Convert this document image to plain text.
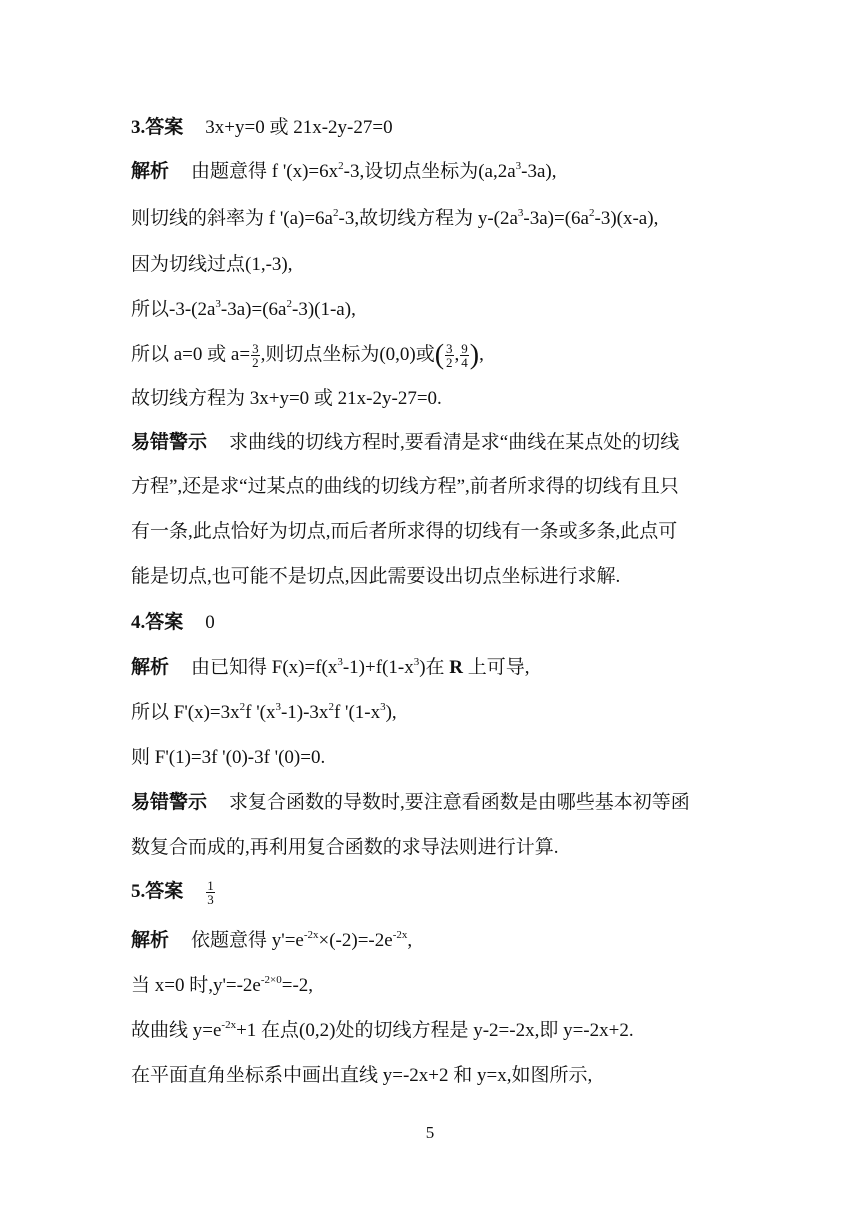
3.答案 3x+y=0 或 21x-2y-27=0
解析 由题意得 f '$(x)=6x^2-3$,设切点坐标为$(a,2a^3-3a)$,
则切线的斜率为 f '$(a)=6a^2-3$,故切线方程为 $y-(2a^3-3a)=(6a^2-3)(x-a)$,
因为切线过点(1,-3),
所以$-3-(2a^3-3a)=(6a^2-3)(1-a)$,
所以 a=0 或 $a= \frac{3}{2}$ ,则切点坐标为(0,0)或( $\frac{3}{2}$ , $\frac{9}{4}$ ),
故切线方程为 3x+y=0 或 21x-2y-27=0.
易错警示 求曲线的切线方程时,要看清是求“曲线在某点处的切线
方程”,还是求“过某点的曲线的切线方程”,前者所求得的切线有且只
有一条,此点恰好为切点,而后者所求得的切线有一条或多条,此点可
能是切点,也可能不是切点,因此需要设出切点坐标进行求解.
4.答案 0
解析 由已知得 $F(x)=f(x^3-1)+f(1-x^3)$在 R 上可导,
所以 $F'(x)=3x^2f$ '$(x^3-1)-3x^2f$ '$(1-x^3)$,
则 F'(1)=3f '(0)-3f '(0)=0.
易错警示 求复合函数的导数时,要注意看函数是由哪些基本初等函
数复合而成的,再利用复合函数的求导法则进行计算.
5.答案 $\frac{1}{3}$
解析 依题意得 $y'=e^{-2x}\times(-2)=-2e^{-2x}$,
当 x=0 时$,y'=-2e^{-2\times 0}=-2$,
故曲线 $y=e^{-2x}+1$ 在点(0,2)处的切线方程是 y-2=-2x,即 y=-2x+2.
在平面直角坐标系中画出直线 y=-2x+2 和 y=x,如图所示,
5
